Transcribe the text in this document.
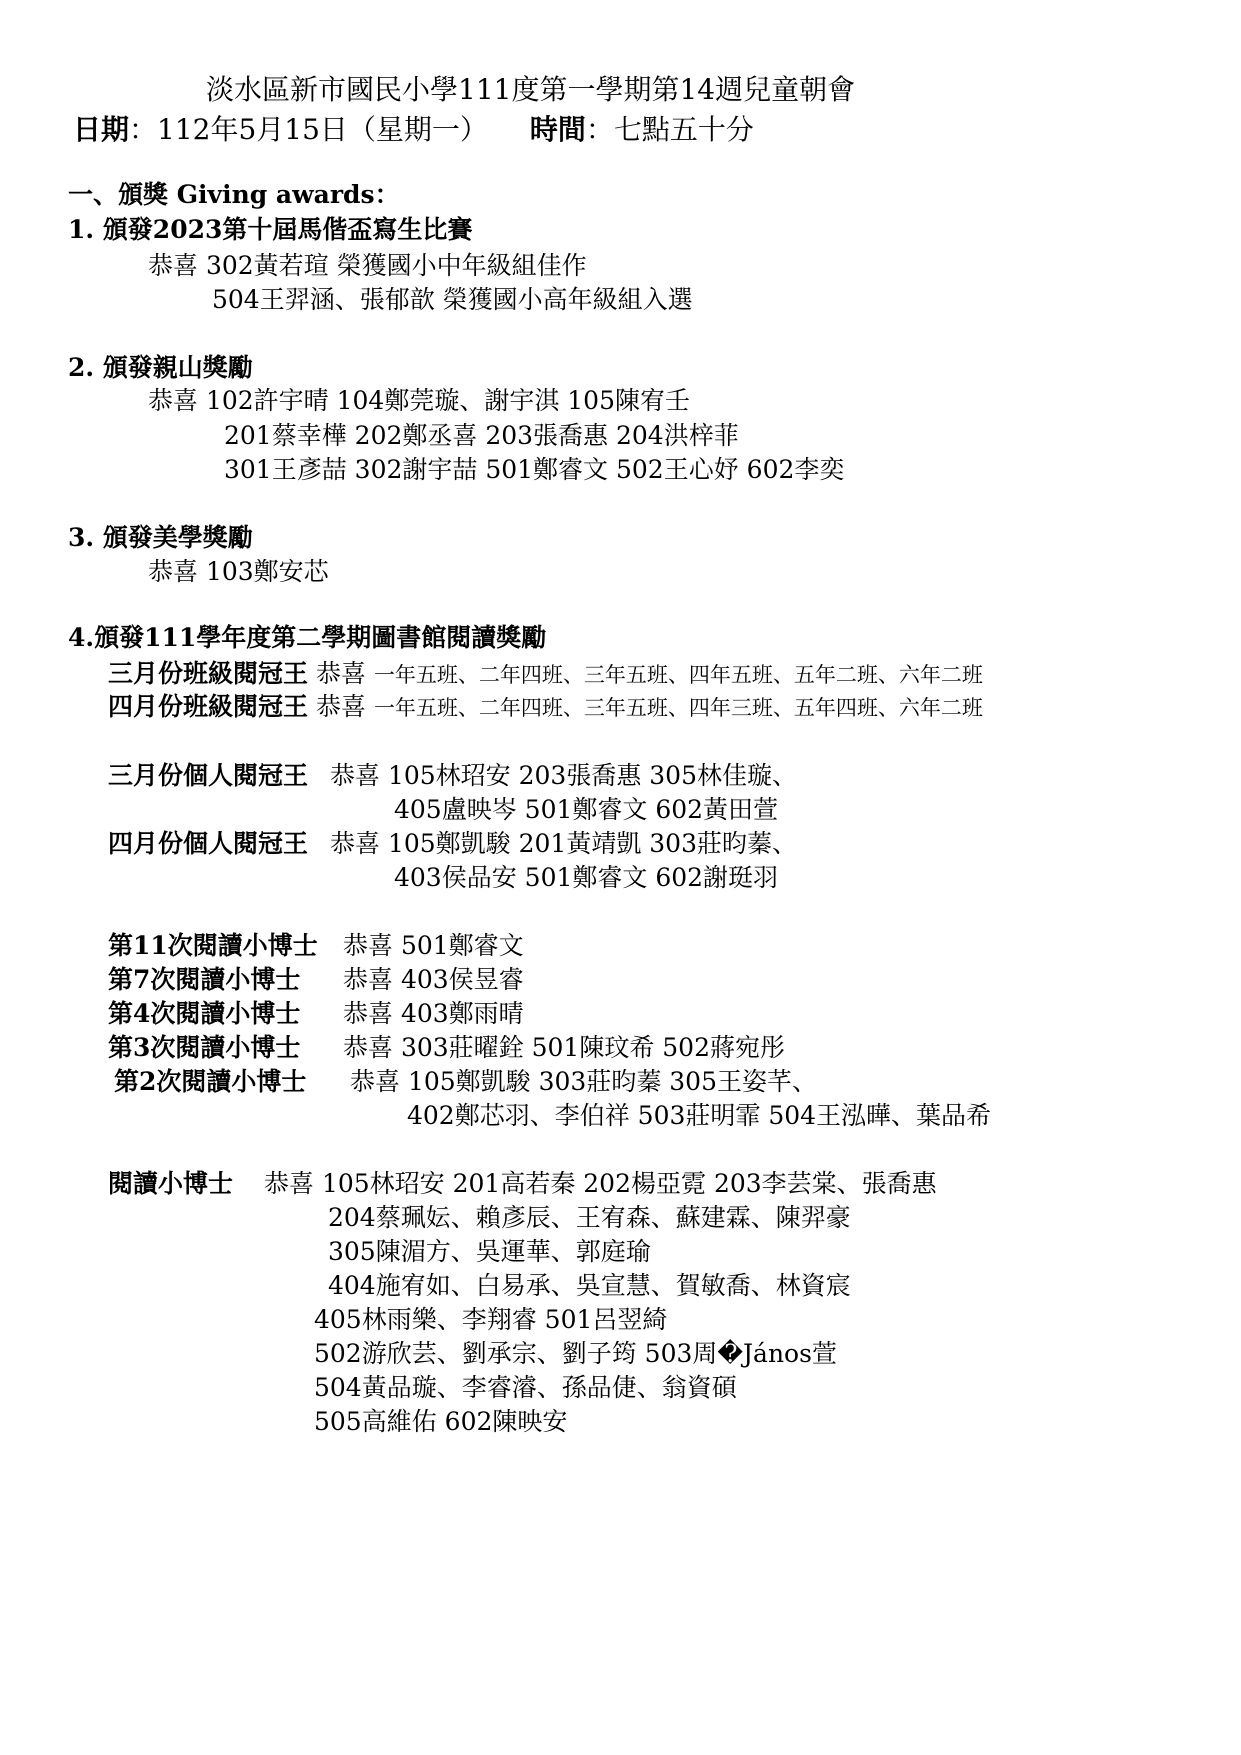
淡水區新市國民小學111度第一學期第14週兒童朝會
日期：112年5月15日（星期一） 時間：七點五十分
一、頒獎 Giving awards：
1. 頒發2023第十屆馬偕盃寫生比賽
恭喜 302黃若瑄 榮獲國小中年級組佳作
504王羿涵、張郁歆 榮獲國小高年級組入選
2. 頒發親山獎勵
恭喜 102許宇晴 104鄭莞璇、謝宇淇 105陳宥壬
201蔡幸樺 202鄭丞喜 203張喬惠 204洪梓菲
301王彥喆 302謝宇喆 501鄭睿文 502王心妤 602李奕
3. 頒發美學獎勵
恭喜 103鄭安芯
4.頒發111學年度第二學期圖書館閱讀獎勵
三月份班級閱冠王 恭喜 一年五班、二年四班、三年五班、四年五班、五年二班、六年二班
四月份班級閱冠王 恭喜 一年五班、二年四班、三年五班、四年三班、五年四班、六年二班
三月份個人閱冠王 恭喜 105林玿安 203張喬惠 305林佳璇、
405盧映岑 501鄭睿文 602黃田萱
四月份個人閱冠王 恭喜 105鄭凱駿 201黃靖凱 303莊昀蓁、
403侯品安 501鄭睿文 602謝珽羽
第11次閱讀小博士 恭喜 501鄭睿文
第7次閱讀小博士 恭喜 403侯昱睿
第4次閱讀小博士 恭喜 403鄭雨晴
第3次閱讀小博士 恭喜 303莊曜銓 501陳玟希 502蔣宛彤
第2次閱讀小博士 恭喜 105鄭凱駿 303莊昀蓁 305王姿芊、
402鄭芯羽、李伯祥 503莊明霏 504王泓曄、葉品希
閱讀小博士 恭喜 105林玿安 201高若秦 202楊亞霓 203李芸棠、張喬惠
204蔡珮妘、賴彥辰、王宥森、蘇建霖、陳羿豪
305陳湄方、吳運華、郭庭瑜
404施宥如、白易承、吳宣慧、賀敏喬、林資宸
405林雨樂、李翔睿 501呂翌綺
502游欣芸、劉承宗、劉子筠 503周�János萱
504黃品璇、李睿濬、孫品倢、翁資碩
505高維佑 602陳映安
